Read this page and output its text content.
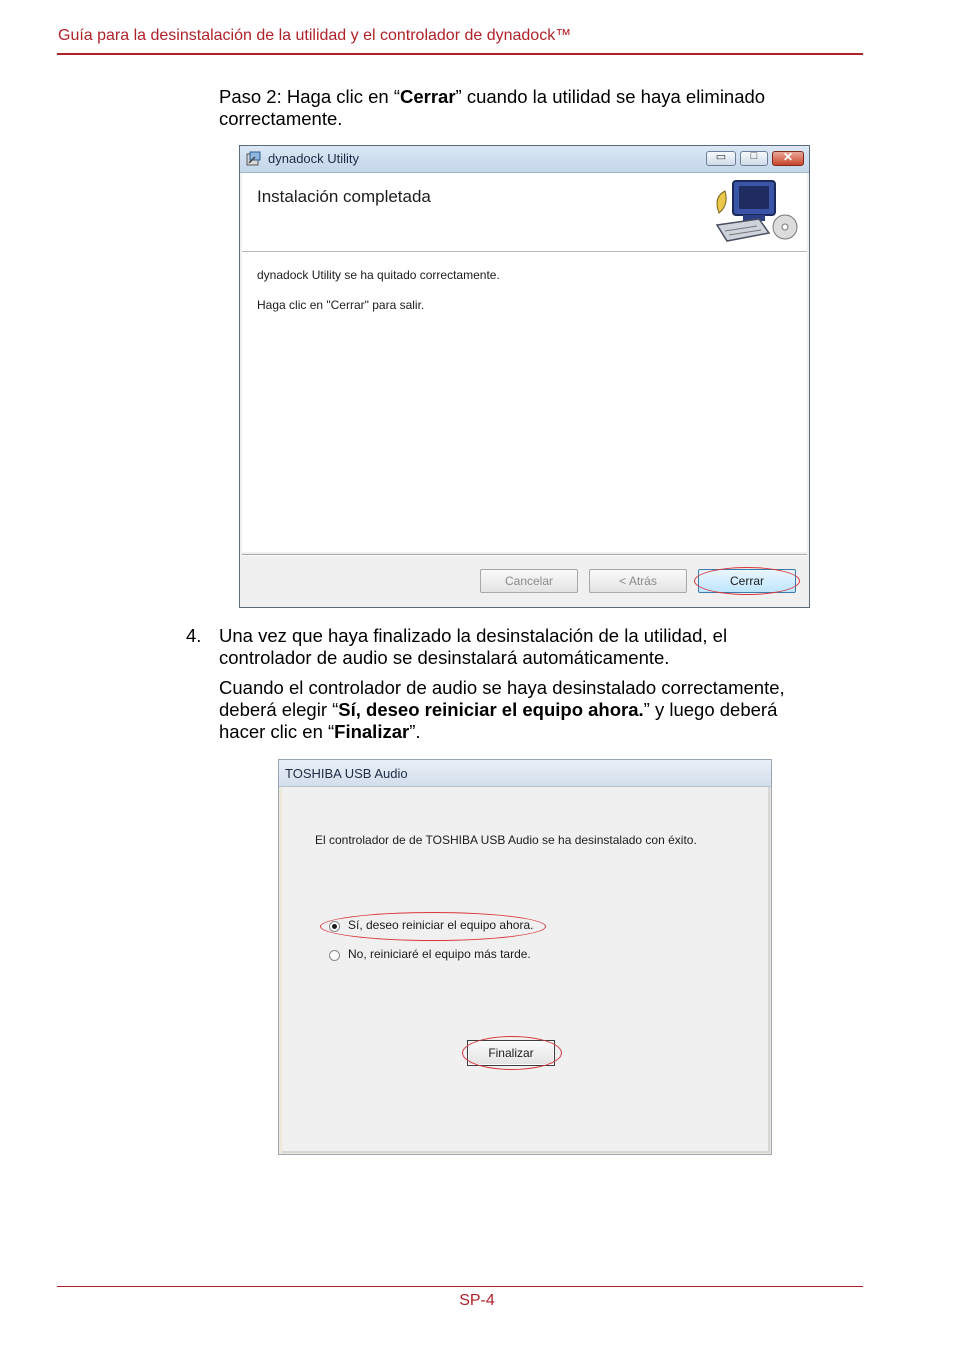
Guía para la desinstalación de la utilidad y el controlador de dynadock™
Paso 2: Haga clic en “Cerrar” cuando la utilidad se haya eliminado
correctamente.
dynadock Utility	▭	□	✕
Instalación completada
dynadock Utility se ha quitado correctamente.
Haga clic en "Cerrar" para salir.
Cancelar	< Atrás	Cerrar
4. Una vez que haya finalizado la desinstalación de la utilidad, el
controlador de audio se desinstalará automáticamente.
Cuando el controlador de audio se haya desinstalado correctamente,
deberá elegir “Sí, deseo reiniciar el equipo ahora.” y luego deberá
hacer clic en “Finalizar”.
TOSHIBA USB Audio
El controlador de de TOSHIBA USB Audio se ha desinstalado con éxito.
Sí, deseo reiniciar el equipo ahora.
No, reiniciaré el equipo más tarde.
Finalizar
SP-4
